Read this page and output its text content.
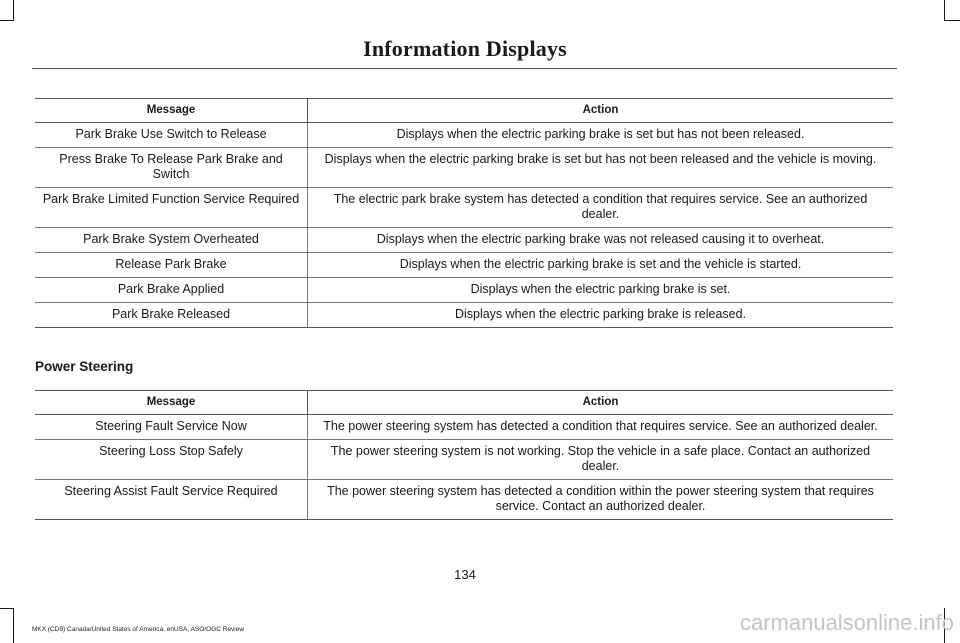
Information Displays
Message	Action
Park Brake Use Switch to Release	Displays when the electric parking brake is set but has not been released.
Press Brake To Release Park Brake and Switch	Displays when the electric parking brake is set but has not been released and the vehicle is moving.
Park Brake Limited Function Service Required	The electric park brake system has detected a condition that requires service. See an authorized dealer.
Park Brake System Overheated	Displays when the electric parking brake was not released causing it to overheat.
Release Park Brake	Displays when the electric parking brake is set and the vehicle is started.
Park Brake Applied	Displays when the electric parking brake is set.
Park Brake Released	Displays when the electric parking brake is released.
Power Steering
Message	Action
Steering Fault Service Now	The power steering system has detected a condition that requires service. See an authorized dealer.
Steering Loss Stop Safely	The power steering system is not working. Stop the vehicle in a safe place. Contact an authorized dealer.
Steering Assist Fault Service Required	The power steering system has detected a condition within the power steering system that requires service. Contact an authorized dealer.
134
MKX (CD9) Canada/United States of America, enUSA, ASO/OGC Review	carmanualsonline.info
